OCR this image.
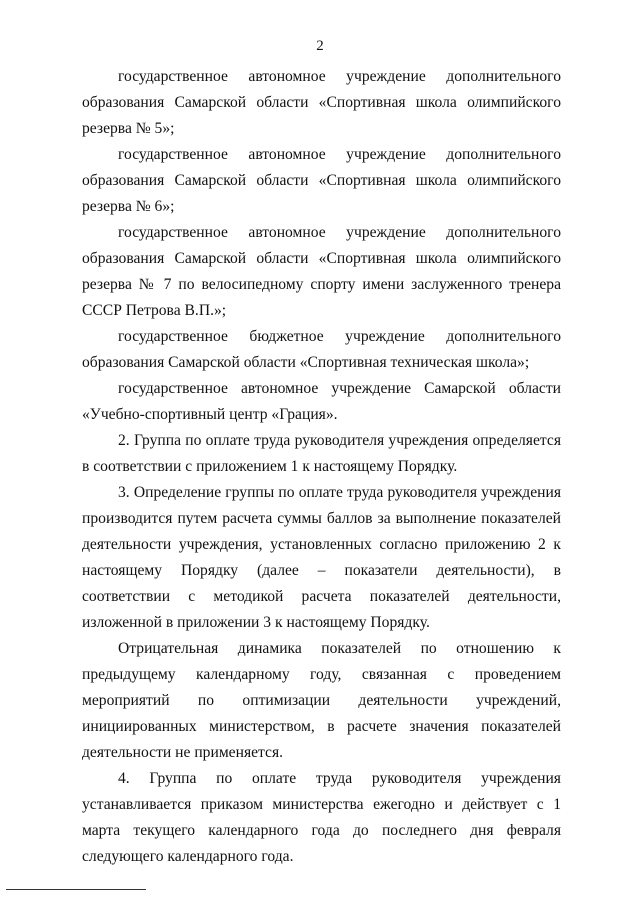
2

государственное автономное учреждение дополнительного образования Самарской области «Спортивная школа олимпийского резерва № 5»;

государственное автономное учреждение дополнительного образования Самарской области «Спортивная школа олимпийского резерва № 6»;

государственное автономное учреждение дополнительного образования Самарской области «Спортивная школа олимпийского резерва № 7 по велосипедному спорту имени заслуженного тренера СССР Петрова В.П.»;

государственное бюджетное учреждение дополнительного образования Самарской области «Спортивная техническая школа»;

государственное автономное учреждение Самарской области «Учебно-спортивный центр «Грация».

2. Группа по оплате труда руководителя учреждения определяется в соответствии с приложением 1 к настоящему Порядку.

3. Определение группы по оплате труда руководителя учреждения производится путем расчета суммы баллов за выполнение показателей деятельности учреждения, установленных согласно приложению 2 к настоящему Порядку (далее – показатели деятельности), в соответствии с методикой расчета показателей деятельности, изложенной в приложении 3 к настоящему Порядку.

Отрицательная динамика показателей по отношению к предыдущему календарному году, связанная с проведением мероприятий по оптимизации деятельности учреждений, инициированных министерством, в расчете значения показателей деятельности не применяется.

4. Группа по оплате труда руководителя учреждения устанавливается приказом министерства ежегодно и действует с 1 марта текущего календарного года до последнего дня февраля следующего календарного года.
